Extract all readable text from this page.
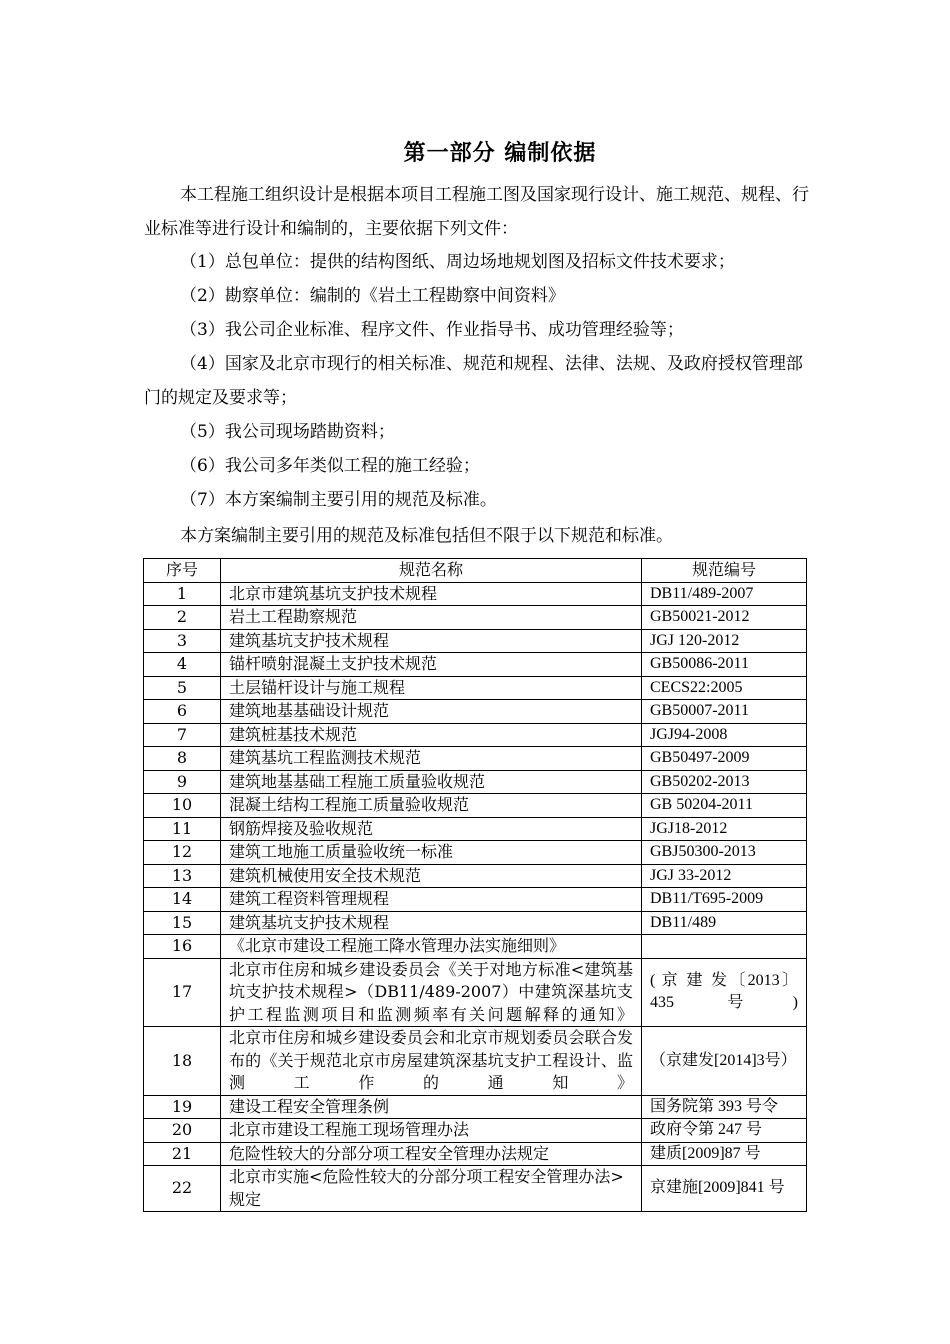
第一部分 编制依据

本工程施工组织设计是根据本项目工程施工图及国家现行设计、施工规范、规程、行业标准等进行设计和编制的，主要依据下列文件：

（1）总包单位：提供的结构图纸、周边场地规划图及招标文件技术要求；

（2）勘察单位：编制的《岩土工程勘察中间资料》

（3）我公司企业标准、程序文件、作业指导书、成功管理经验等；

（4）国家及北京市现行的相关标准、规范和规程、法律、法规、及政府授权管理部门的规定及要求等；

（5）我公司现场踏勘资料；

（6）我公司多年类似工程的施工经验；

（7）本方案编制主要引用的规范及标准。

本方案编制主要引用的规范及标准包括但不限于以下规范和标准。

序号	规范名称	规范编号
1	北京市建筑基坑支护技术规程	DB11/489-2007
2	岩土工程勘察规范	GB50021-2012
3	建筑基坑支护技术规程	JGJ 120-2012
4	锚杆喷射混凝土支护技术规范	GB50086-2011
5	土层锚杆设计与施工规程	CECS22:2005
6	建筑地基基础设计规范	GB50007-2011
7	建筑桩基技术规范	JGJ94-2008
8	建筑基坑工程监测技术规范	GB50497-2009
9	建筑地基基础工程施工质量验收规范	GB50202-2013
10	混凝土结构工程施工质量验收规范	GB 50204-2011
11	钢筋焊接及验收规范	JGJ18-2012
12	建筑工地施工质量验收统一标准	GBJ50300-2013
13	建筑机械使用安全技术规范	JGJ 33-2012
14	建筑工程资料管理规程	DB11/T695-2009
15	建筑基坑支护技术规程	DB11/489
16	《北京市建设工程施工降水管理办法实施细则》	
17	北京市住房和城乡建设委员会《关于对地方标准<建筑基坑支护技术规程>（DB11/489-2007）中建筑深基坑支护工程监测项目和监测频率有关问题解释的通知》	( 京 建 发〔2013〕435 号)
18	北京市住房和城乡建设委员会和北京市规划委员会联合发布的《关于规范北京市房屋建筑深基坑支护工程设计、监测工作的通知》	（京建发[2014]3号）
19	建设工程安全管理条例	国务院第 393 号令
20	北京市建设工程施工现场管理办法	政府令第 247 号
21	危险性较大的分部分项工程安全管理办法规定	建质[2009]87 号
22	北京市实施<危险性较大的分部分项工程安全管理办法>规定	京建施[2009]841 号
